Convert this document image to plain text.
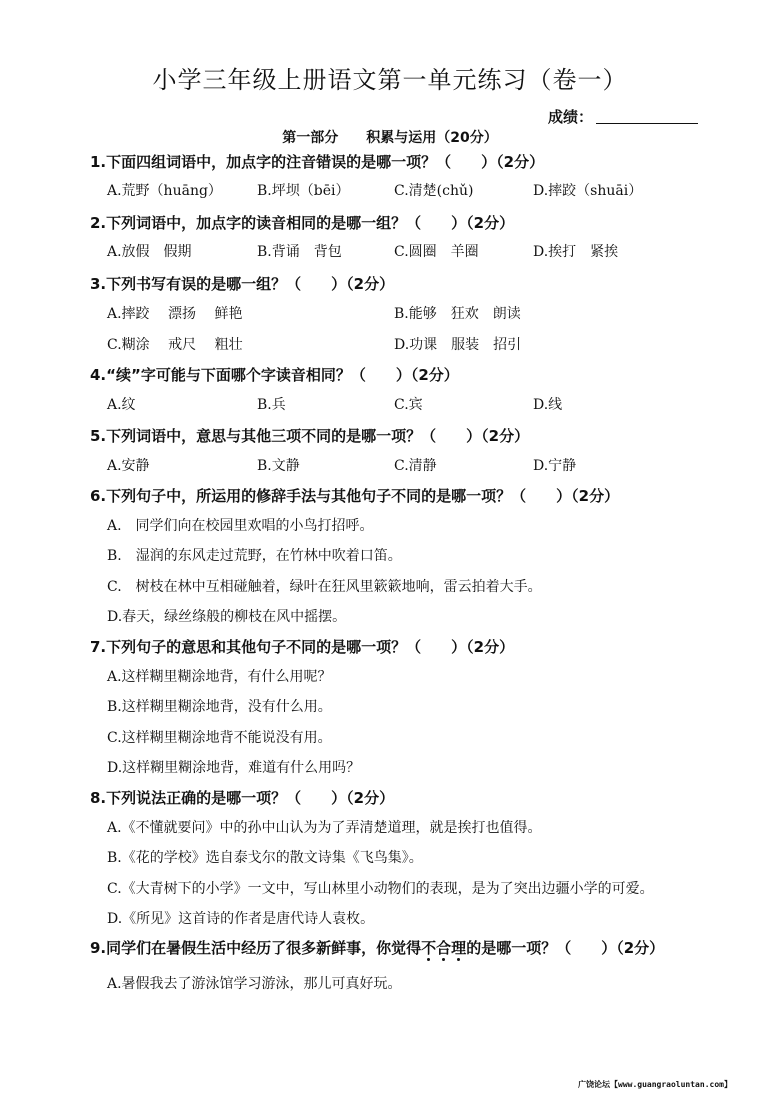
小学三年级上册语文第一单元练习（卷一）
成绩：
第一部分　　积累与运用（20分）
1.下面四组词语中，加点字的注音错误的是哪一项？（　　）（2分）
A.荒野（huāng）	B.坪坝（bēi）	C.清楚(chǔ)	D.摔跤（shuāi）
2.下列词语中，加点字的读音相同的是哪一组？（　　）（2分）
A.放假　假期	B.背诵　背包	C.圆圈　羊圈	D.挨打　紧挨
3.下列书写有误的是哪一组？（　　）（2分）
A.摔跤　 漂扬　 鲜艳	B.能够　狂欢　朗读
C.糊涂　 戒尺　 粗壮	D.功课　服装　招引
4.“续”字可能与下面哪个字读音相同？（　　）（2分）
A.纹	B.兵	C.宾	D.线
5.下列词语中，意思与其他三项不同的是哪一项？（　　）（2分）
A.安静	B.文静	C.清静	D.宁静
6.下列句子中，所运用的修辞手法与其他句子不同的是哪一项？（　　）（2分）
A.　同学们向在校园里欢唱的小鸟打招呼。
B.　湿润的东风走过荒野，在竹林中吹着口笛。
C.　树枝在林中互相碰触着，绿叶在狂风里簌簌地响，雷云拍着大手。
D.春天，绿丝绦般的柳枝在风中摇摆。
7.下列句子的意思和其他句子不同的是哪一项？（　　）（2分）
A.这样糊里糊涂地背，有什么用呢？
B.这样糊里糊涂地背，没有什么用。
C.这样糊里糊涂地背不能说没有用。
D.这样糊里糊涂地背，难道有什么用吗？
8.下列说法正确的是哪一项？（　　）（2分）
A.《不懂就要问》中的孙中山认为为了弄清楚道理，就是挨打也值得。
B.《花的学校》选自泰戈尔的散文诗集《飞鸟集》。
C.《大青树下的小学》一文中，写山林里小动物们的表现，是为了突出边疆小学的可爱。
D.《所见》这首诗的作者是唐代诗人袁枚。
9.同学们在暑假生活中经历了很多新鲜事，你觉得不合理的是哪一项？（　　）（2分）
A.暑假我去了游泳馆学习游泳，那儿可真好玩。
广饶论坛【www.guangraoluntan.com】
